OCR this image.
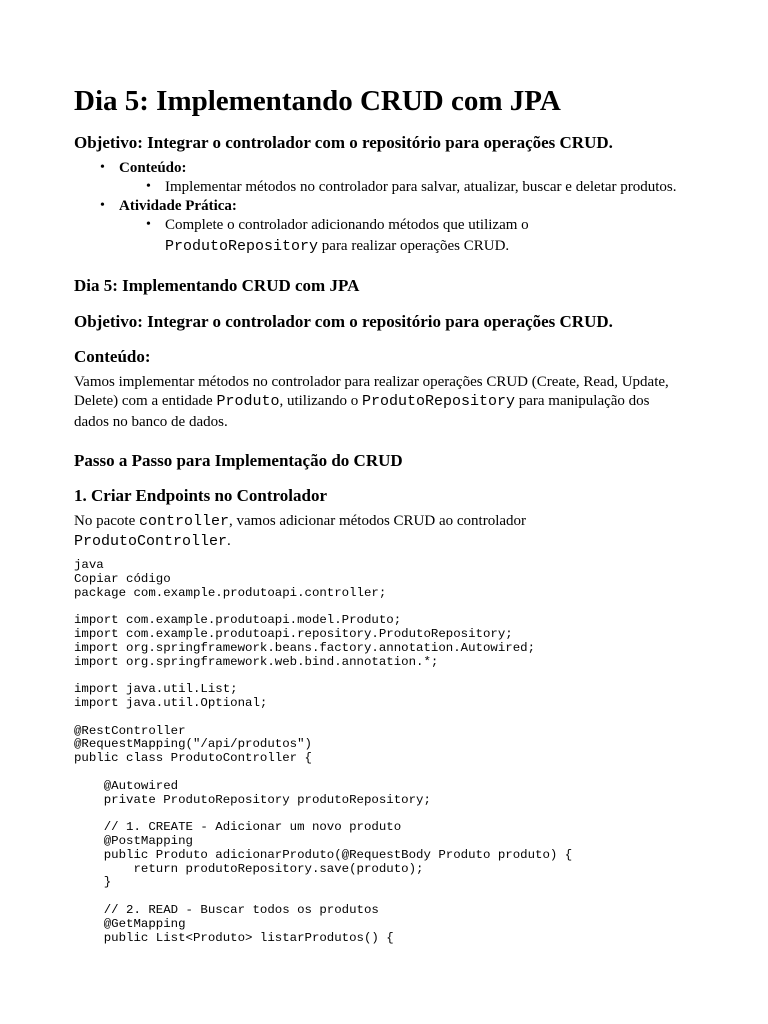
Dia 5: Implementando CRUD com JPA
Objetivo: Integrar o controlador com o repositório para operações CRUD.
• Conteúdo:
• Implementar métodos no controlador para salvar, atualizar, buscar e deletar produtos.
• Atividade Prática:
• Complete o controlador adicionando métodos que utilizam o
ProdutoRepository para realizar operações CRUD.
Dia 5: Implementando CRUD com JPA
Objetivo: Integrar o controlador com o repositório para operações CRUD.
Conteúdo:
Vamos implementar métodos no controlador para realizar operações CRUD (Create, Read, Update,
Delete) com a entidade Produto, utilizando o ProdutoRepository para manipulação dos
dados no banco de dados.
Passo a Passo para Implementação do CRUD
1. Criar Endpoints no Controlador
No pacote controller, vamos adicionar métodos CRUD ao controlador
ProdutoController.
java
Copiar código
package com.example.produtoapi.controller;
import com.example.produtoapi.model.Produto;
import com.example.produtoapi.repository.ProdutoRepository;
import org.springframework.beans.factory.annotation.Autowired;
import org.springframework.web.bind.annotation.*;
import java.util.List;
import java.util.Optional;
@RestController
@RequestMapping("/api/produtos")
public class ProdutoController {
@Autowired
private ProdutoRepository produtoRepository;
// 1. CREATE - Adicionar um novo produto
@PostMapping
public Produto adicionarProduto(@RequestBody Produto produto) {
return produtoRepository.save(produto);
}
// 2. READ - Buscar todos os produtos
@GetMapping
public List<Produto> listarProdutos() {
